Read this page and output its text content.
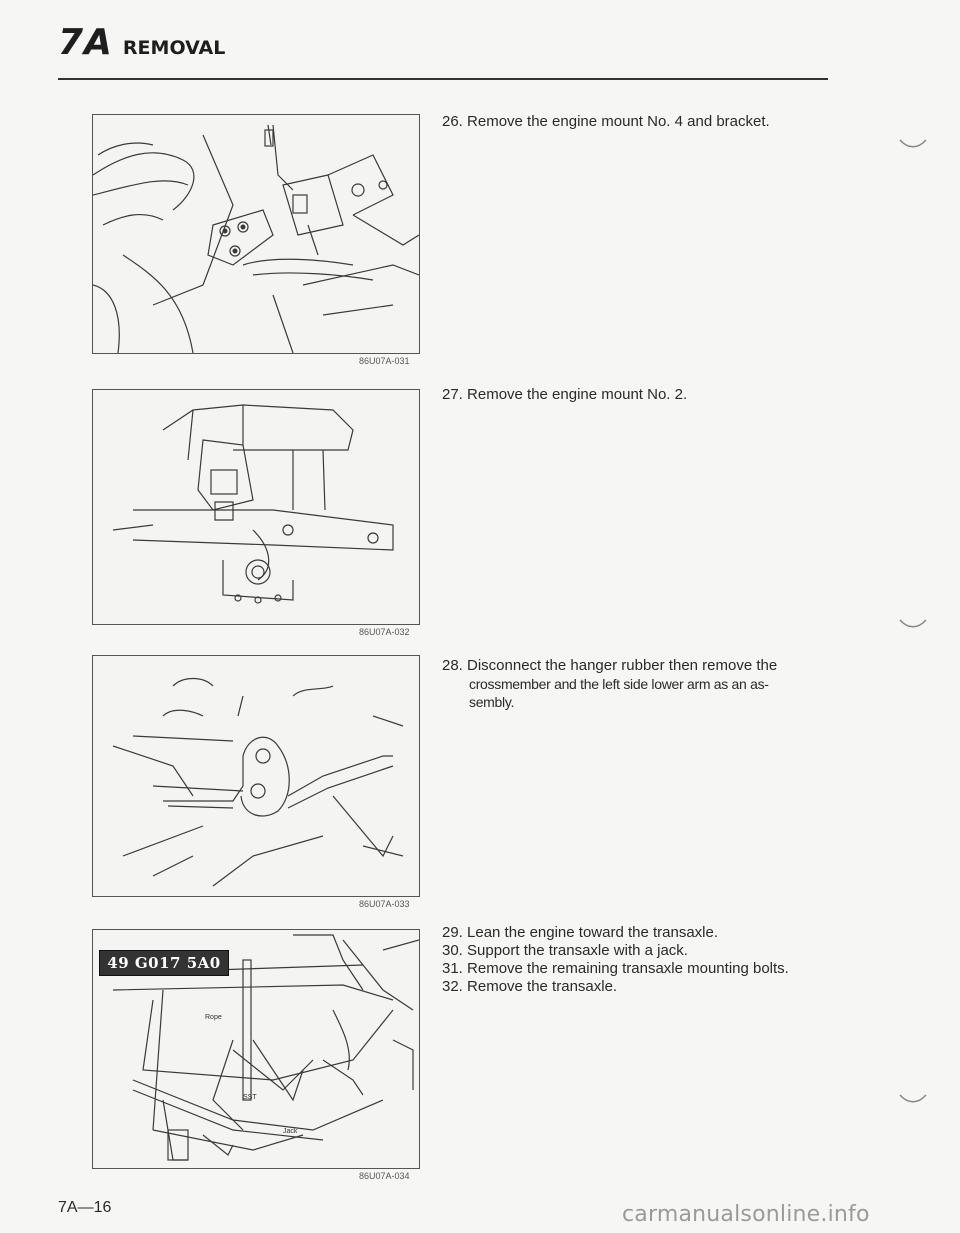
7A REMOVAL
86U07A-031
86U07A-032
86U07A-033
49 G017 5A0
Rope
SST
Jack
86U07A-034
26. Remove the engine mount No. 4 and bracket.
27. Remove the engine mount No. 2.
28. Disconnect the hanger rubber then remove the
crossmember and the left side lower arm as an as-
sembly.
29. Lean the engine toward the transaxle.
30. Support the transaxle with a jack.
31. Remove the remaining transaxle mounting bolts.
32. Remove the transaxle.
7A—16	carmanualsonline.info
